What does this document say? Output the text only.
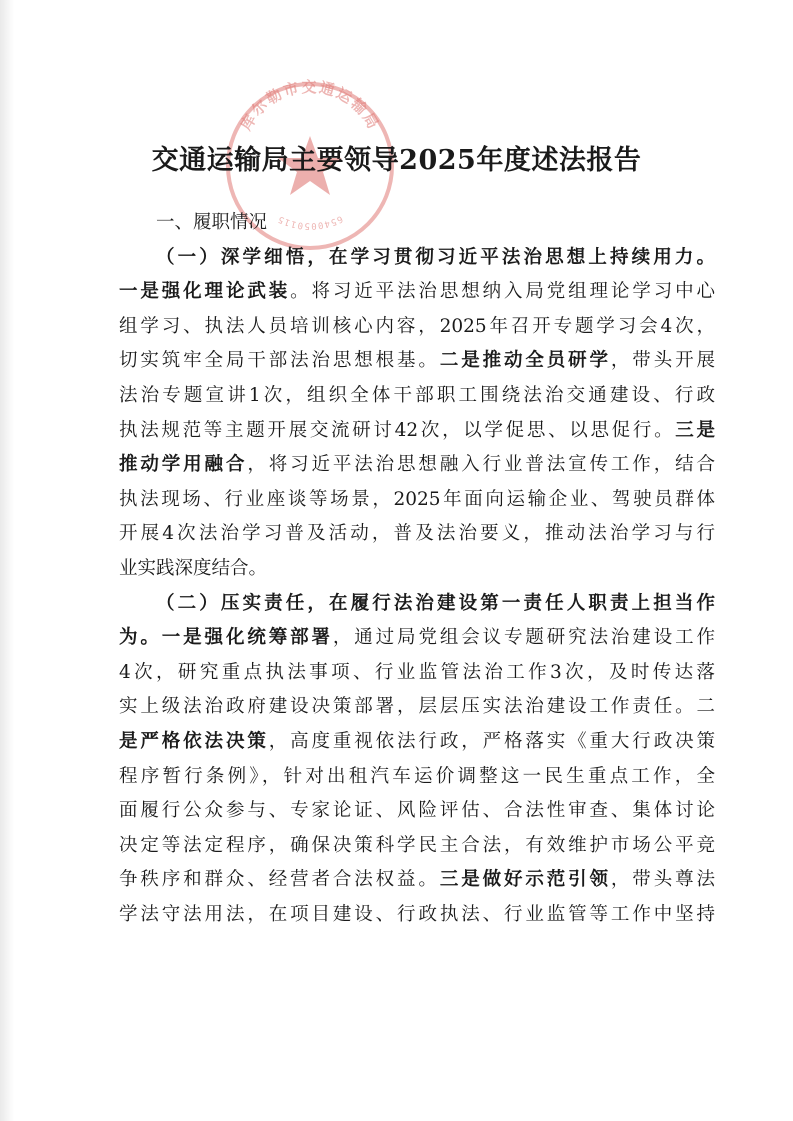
库尔勒市交通运输局
6540050115
交通运输局主要领导2025年度述法报告
一、履职情况
（一）深学细悟，在学习贯彻习近平法治思想上持续用力。
一是强化理论武装。将习近平法治思想纳入局党组理论学习中心
组学习、执法人员培训核心内容，2025年召开专题学习会4次，
切实筑牢全局干部法治思想根基。二是推动全员研学，带头开展
法治专题宣讲1次，组织全体干部职工围绕法治交通建设、行政
执法规范等主题开展交流研讨42次，以学促思、以思促行。三是
推动学用融合，将习近平法治思想融入行业普法宣传工作，结合
执法现场、行业座谈等场景，2025年面向运输企业、驾驶员群体
开展4次法治学习普及活动，普及法治要义，推动法治学习与行
业实践深度结合。
（二）压实责任，在履行法治建设第一责任人职责上担当作
为。一是强化统筹部署，通过局党组会议专题研究法治建设工作
4次，研究重点执法事项、行业监管法治工作3次，及时传达落
实上级法治政府建设决策部署，层层压实法治建设工作责任。二
是严格依法决策，高度重视依法行政，严格落实《重大行政决策
程序暂行条例》，针对出租汽车运价调整这一民生重点工作，全
面履行公众参与、专家论证、风险评估、合法性审查、集体讨论
决定等法定程序，确保决策科学民主合法，有效维护市场公平竞
争秩序和群众、经营者合法权益。三是做好示范引领，带头尊法
学法守法用法，在项目建设、行政执法、行业监管等工作中坚持
